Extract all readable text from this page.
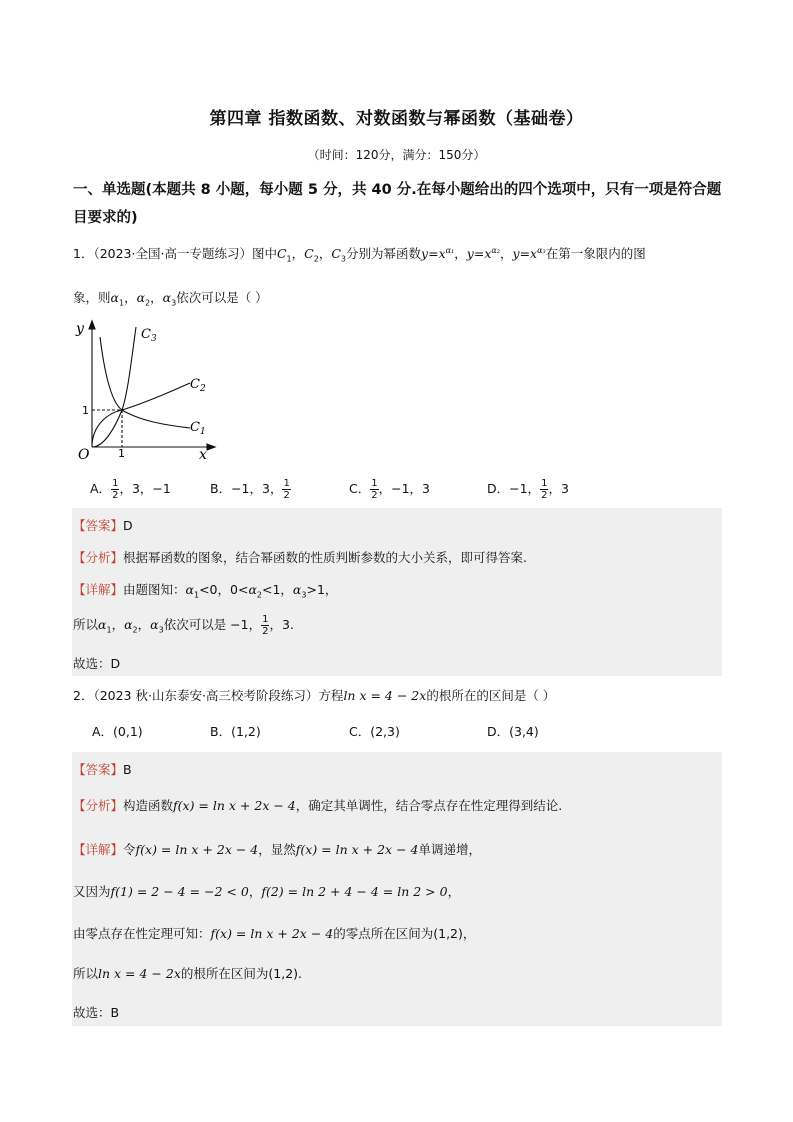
第四章 指数函数、对数函数与幂函数（基础卷）
（时间：120分，满分：150分）
一、单选题(本题共 8 小题，每小题 5 分，共 40 分.在每小题给出的四个选项中，只有一项是符合题目要求的)
1．（2023·全国·高一专题练习）图中$C_1$，$C_2$，$C_3$分别为幂函数$y=x^{\alpha_1}$，$y=x^{\alpha_2}$，$y=x^{\alpha_3}$在第一象限内的图
象，则$\alpha_1$，$\alpha_2$，$\alpha_3$依次可以是（ ）
y
x
O	1
1
$C_3$
$C_2$
$C_1$
A． $\frac{1}{2}$ ，3，−1	B．−1，3， $\frac{1}{2}$	C． $\frac{1}{2}$ ，−1，3	D．−1， $\frac{1}{2}$ ，3
【答案】D
【分析】根据幂函数的图象，结合幂函数的性质判断参数的大小关系，即可得答案.
【详解】由题图知：$\alpha_1<0$，$0<\alpha_2<1$，$\alpha_3>1$，
所以$\alpha_1$，$\alpha_2$，$\alpha_3$依次可以是 −1， $\frac{1}{2}$ ，3.
故选：D
2．（2023 秋·山东泰安·高三校考阶段练习）方程ln x = 4 − 2x的根所在的区间是（ ）
A．(0,1)	B．(1,2)	C．(2,3)	D．(3,4)
【答案】B
【分析】构造函数f(x) = ln x + 2x − 4，确定其单调性，结合零点存在性定理得到结论.
【详解】令f(x) = ln x + 2x − 4，显然f(x) = ln x + 2x − 4单调递增，
又因为f(1) = 2 − 4 = −2 < 0，f(2) = ln 2 + 4 − 4 = ln 2 > 0，
由零点存在性定理可知：f(x) = ln x + 2x − 4的零点所在区间为(1,2)，
所以ln x = 4 − 2x的根所在区间为(1,2).
故选：B
